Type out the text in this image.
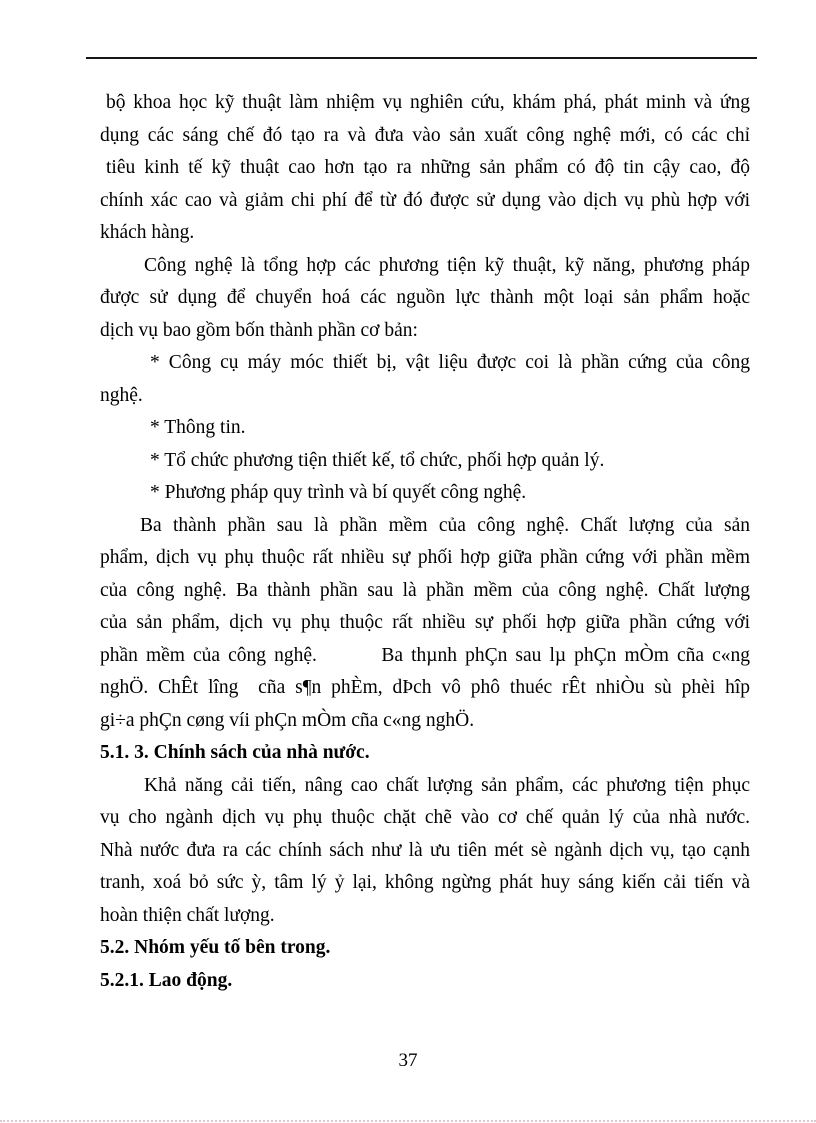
bộ khoa học kỹ thuật làm nhiệm vụ nghiên cứu, khám phá, phát minh và ứng
dụng các sáng chế đó tạo ra và đưa vào sản xuất công nghệ mới, có các chỉ
tiêu kinh tế kỹ thuật cao hơn tạo ra những sản phẩm có độ tin cậy cao, độ
chính xác cao và giảm chi phí để từ đó được sử dụng vào dịch vụ phù hợp với
khách hàng.
Công nghệ là tổng hợp các phương tiện kỹ thuật, kỹ năng, phương pháp
được sử dụng để chuyển hoá các nguồn lực thành một loại sản phẩm hoặc
dịch vụ bao gồm bốn thành phần cơ bản:
* Công cụ máy móc thiết bị, vật liệu được coi là phần cứng của công
nghệ.
* Thông tin.
* Tổ chức phương tiện thiết kế, tổ chức, phối hợp quản lý.
* Phương pháp quy trình và bí quyết công nghệ.
Ba thành phần sau là phần mềm của công nghệ. Chất lượng của sản
phẩm, dịch vụ phụ thuộc rất nhiều sự phối hợp giữa phần cứng với phần mềm
của công nghệ. Ba thành phần sau là phần mềm của công nghệ. Chất lượng
của sản phẩm, dịch vụ phụ thuộc rất nhiều sự phối hợp giữa phần cứng với
phần mềm của công nghệ.        Ba thµnh phÇn sau lµ phÇn mÒm cña c«ng
nghÖ. ChÊt lîng  cña s¶n phÈm, dÞch vô phô thuéc rÊt nhiÒu sù phèi hîp
gi÷a phÇn cøng víi phÇn mÒm cña c«ng nghÖ.
5.1. 3. Chính sách của nhà nước.
Khả năng cải tiến, nâng cao chất lượng sản phẩm, các phương tiện phục
vụ cho ngành dịch vụ phụ thuộc chặt chẽ vào cơ chế quản lý của nhà nước.
Nhà nước đưa ra các chính sách như là ưu tiên mét sè ngành dịch vụ, tạo cạnh
tranh, xoá bỏ sức ỳ, tâm lý ỷ lại, không ngừng phát huy sáng kiến cải tiến và
hoàn thiện chất lượng.
5.2. Nhóm yếu tố bên trong.
5.2.1. Lao động.
37
